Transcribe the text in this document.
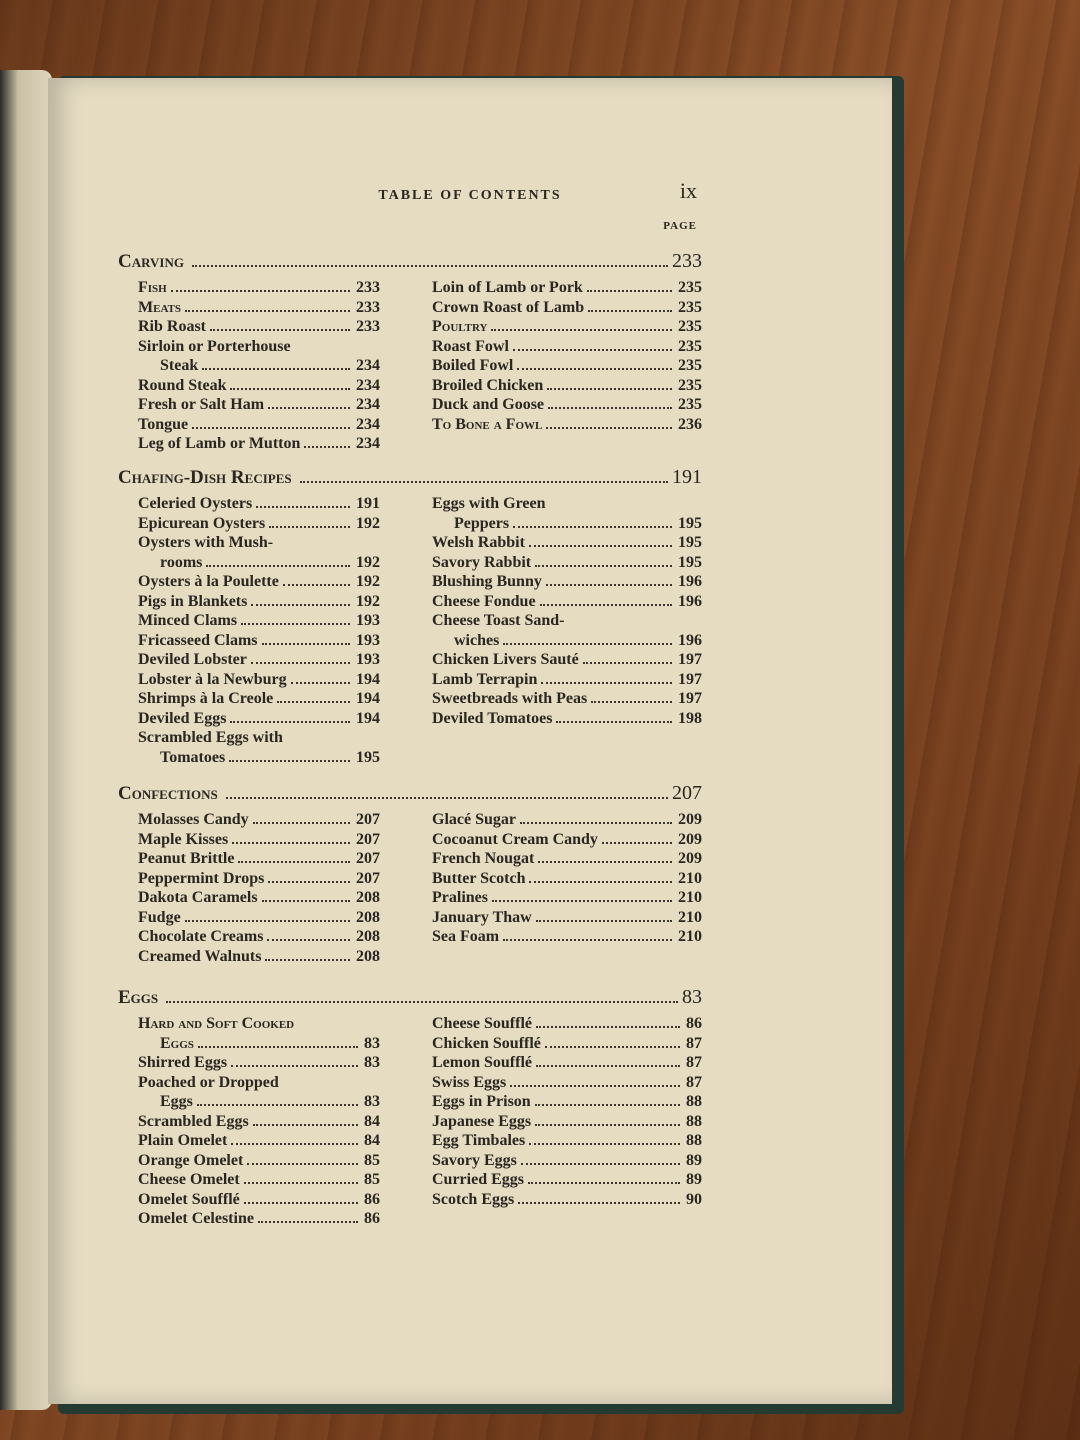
TABLE OF CONTENTS	ix
PAGE
Carving	233
Fish	233
Meats	233
Rib Roast	233
Sirloin or Porterhouse
Steak	234
Round Steak	234
Fresh or Salt Ham	234
Tongue	234
Leg of Lamb or Mutton	234
Loin of Lamb or Pork	235
Crown Roast of Lamb	235
Poultry	235
Roast Fowl	235
Boiled Fowl	235
Broiled Chicken	235
Duck and Goose	235
To Bone a Fowl	236
Chafing-Dish Recipes	191
Celeried Oysters	191
Epicurean Oysters	192
Oysters with Mush-
rooms	192
Oysters à la Poulette	192
Pigs in Blankets	192
Minced Clams	193
Fricasseed Clams	193
Deviled Lobster	193
Lobster à la Newburg	194
Shrimps à la Creole	194
Deviled Eggs	194
Scrambled Eggs with
Tomatoes	195
Eggs with Green
Peppers	195
Welsh Rabbit	195
Savory Rabbit	195
Blushing Bunny	196
Cheese Fondue	196
Cheese Toast Sand-
wiches	196
Chicken Livers Sauté	197
Lamb Terrapin	197
Sweetbreads with Peas	197
Deviled Tomatoes	198
Confections	207
Molasses Candy	207
Maple Kisses	207
Peanut Brittle	207
Peppermint Drops	207
Dakota Caramels	208
Fudge	208
Chocolate Creams	208
Creamed Walnuts	208
Glacé Sugar	209
Cocoanut Cream Candy	209
French Nougat	209
Butter Scotch	210
Pralines	210
January Thaw	210
Sea Foam	210
Eggs	83
Hard and Soft Cooked
Eggs	83
Shirred Eggs	83
Poached or Dropped
Eggs	83
Scrambled Eggs	84
Plain Omelet	84
Orange Omelet	85
Cheese Omelet	85
Omelet Soufflé	86
Omelet Celestine	86
Cheese Soufflé	86
Chicken Soufflé	87
Lemon Soufflé	87
Swiss Eggs	87
Eggs in Prison	88
Japanese Eggs	88
Egg Timbales	88
Savory Eggs	89
Curried Eggs	89
Scotch Eggs	90
